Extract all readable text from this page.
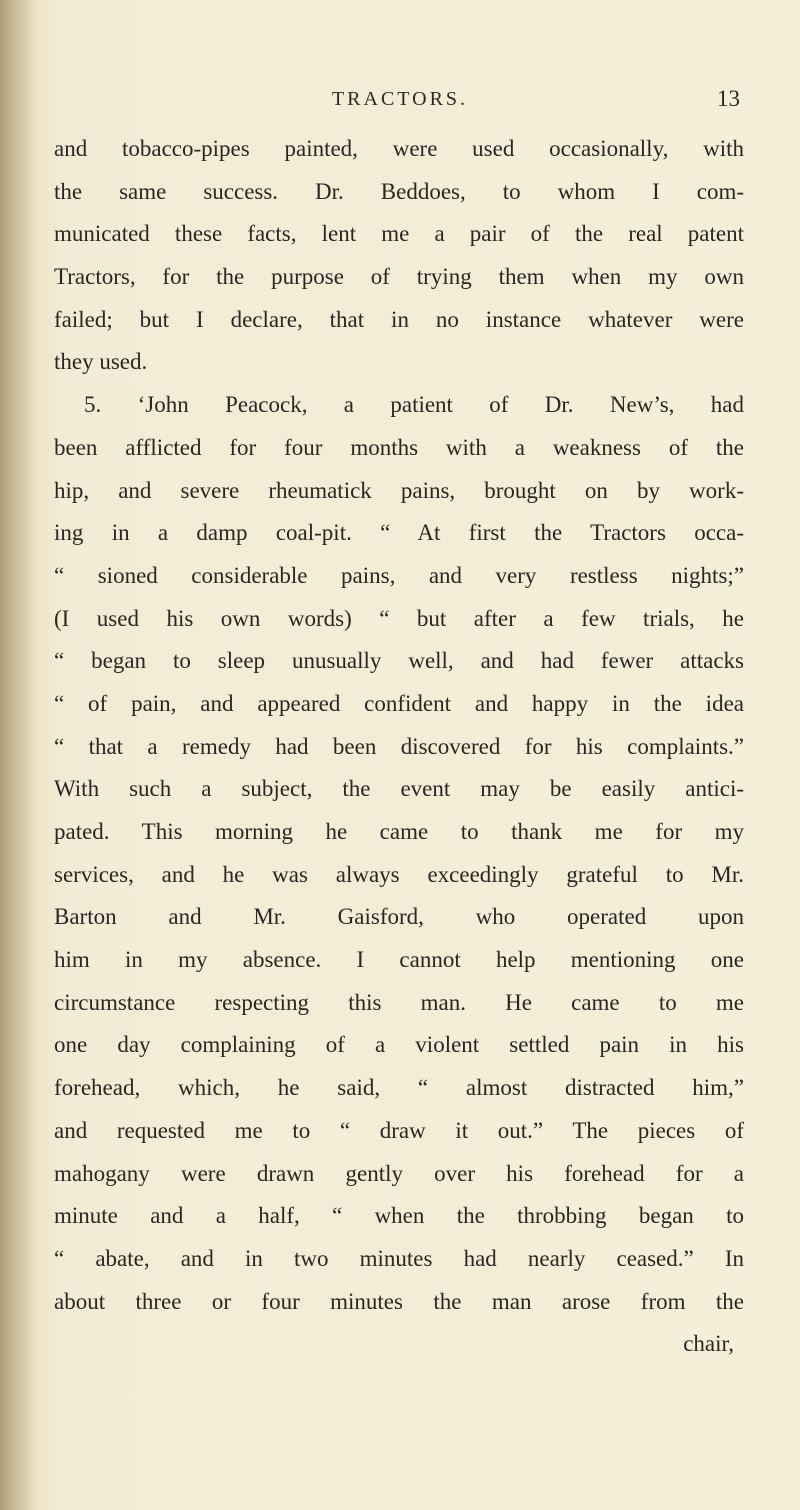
TRACTORS.	13
and tobacco-pipes painted, were used occasionally, with
the same success. Dr. Beddoes, to whom I com-
municated these facts, lent me a pair of the real patent
Tractors, for the purpose of trying them when my own
failed; but I declare, that in no instance whatever were
they used.
5. ‘John Peacock, a patient of Dr. New’s, had
been afflicted for four months with a weakness of the
hip, and severe rheumatick pains, brought on by work-
ing in a damp coal-pit. “ At first the Tractors occa-
“ sioned considerable pains, and very restless nights;”
(I used his own words) “ but after a few trials, he
“ began to sleep unusually well, and had fewer attacks
“ of pain, and appeared confident and happy in the idea
“ that a remedy had been discovered for his complaints.”
With such a subject, the event may be easily antici-
pated. This morning he came to thank me for my
services, and he was always exceedingly grateful to Mr.
Barton and Mr. Gaisford, who operated upon
him in my absence. I cannot help mentioning one
circumstance respecting this man. He came to me
one day complaining of a violent settled pain in his
forehead, which, he said, “ almost distracted him,”
and requested me to “ draw it out.” The pieces of
mahogany were drawn gently over his forehead for a
minute and a half, “ when the throbbing began to
“ abate, and in two minutes had nearly ceased.” In
about three or four minutes the man arose from the
chair,
